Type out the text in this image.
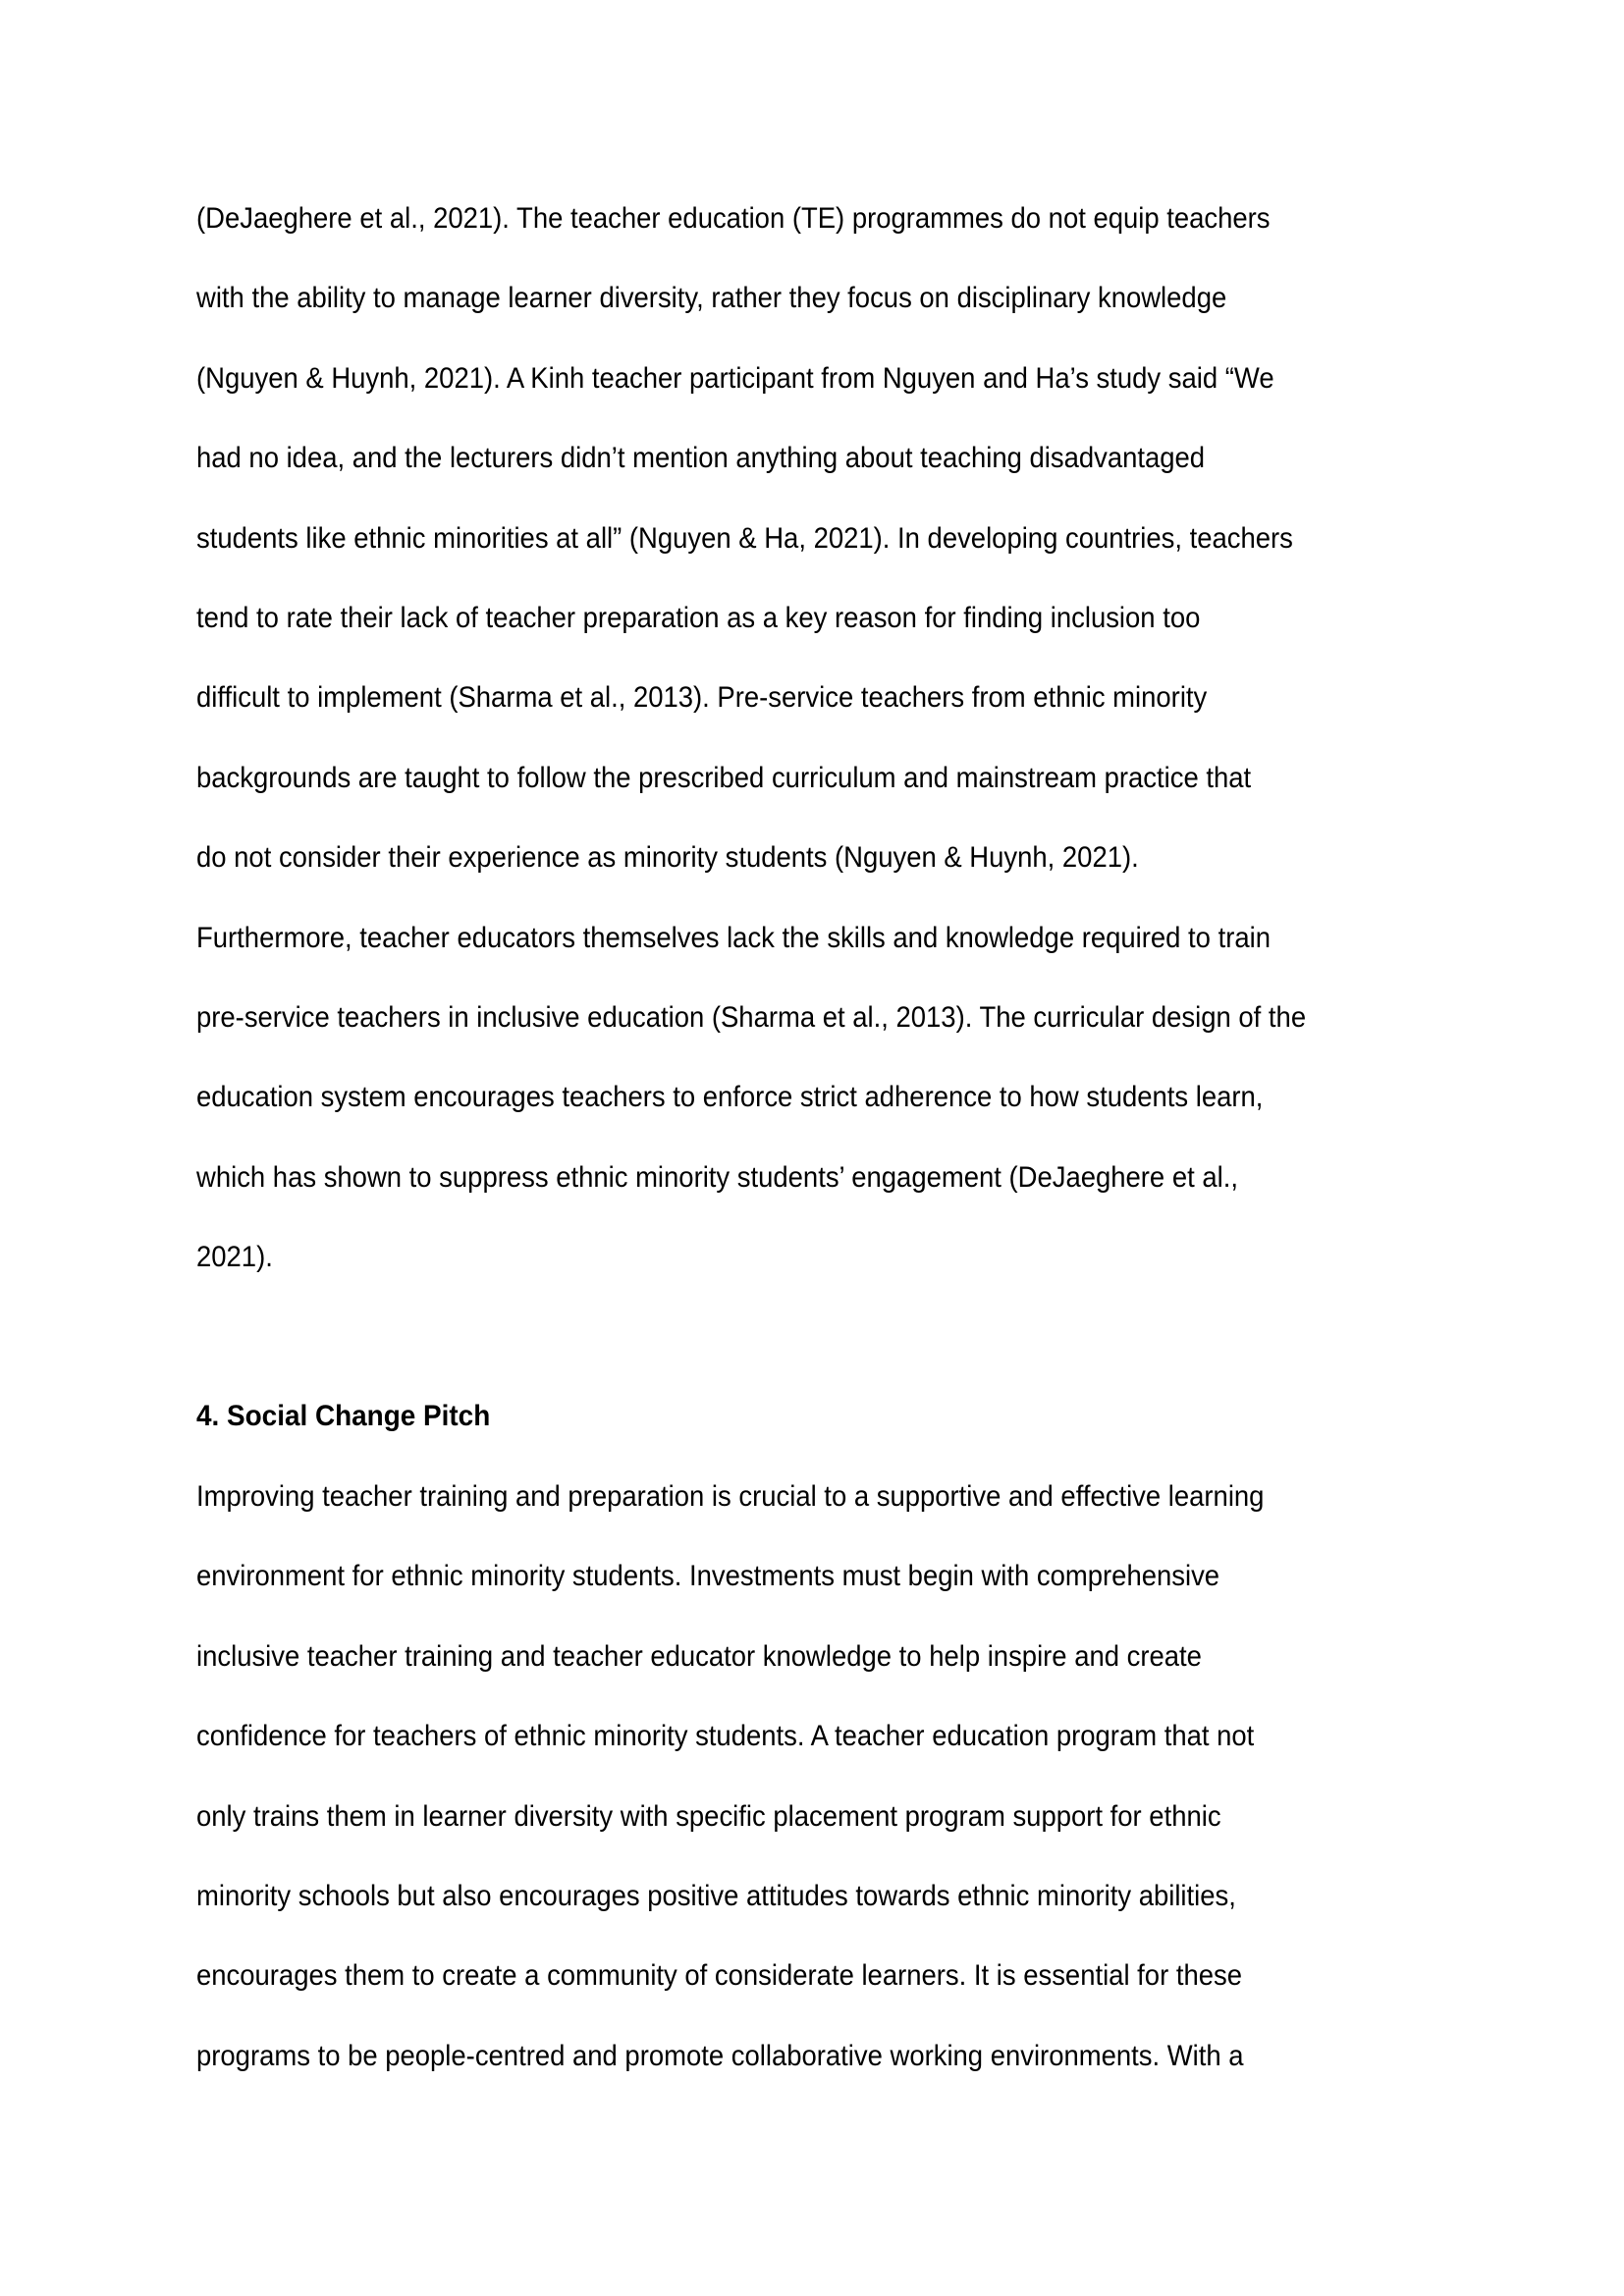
(DeJaeghere et al., 2021). The teacher education (TE) programmes do not equip teachers
with the ability to manage learner diversity, rather they focus on disciplinary knowledge
(Nguyen & Huynh, 2021). A Kinh teacher participant from Nguyen and Ha’s study said “We
had no idea, and the lecturers didn’t mention anything about teaching disadvantaged
students like ethnic minorities at all” (Nguyen & Ha, 2021). In developing countries, teachers
tend to rate their lack of teacher preparation as a key reason for finding inclusion too
difficult to implement (Sharma et al., 2013). Pre-service teachers from ethnic minority
backgrounds are taught to follow the prescribed curriculum and mainstream practice that
do not consider their experience as minority students (Nguyen & Huynh, 2021).
Furthermore, teacher educators themselves lack the skills and knowledge required to train
pre-service teachers in inclusive education (Sharma et al., 2013). The curricular design of the
education system encourages teachers to enforce strict adherence to how students learn,
which has shown to suppress ethnic minority students’ engagement (DeJaeghere et al.,
2021).
4. Social Change Pitch
Improving teacher training and preparation is crucial to a supportive and effective learning
environment for ethnic minority students. Investments must begin with comprehensive
inclusive teacher training and teacher educator knowledge to help inspire and create
confidence for teachers of ethnic minority students. A teacher education program that not
only trains them in learner diversity with specific placement program support for ethnic
minority schools but also encourages positive attitudes towards ethnic minority abilities,
encourages them to create a community of considerate learners. It is essential for these
programs to be people-centred and promote collaborative working environments. With a
